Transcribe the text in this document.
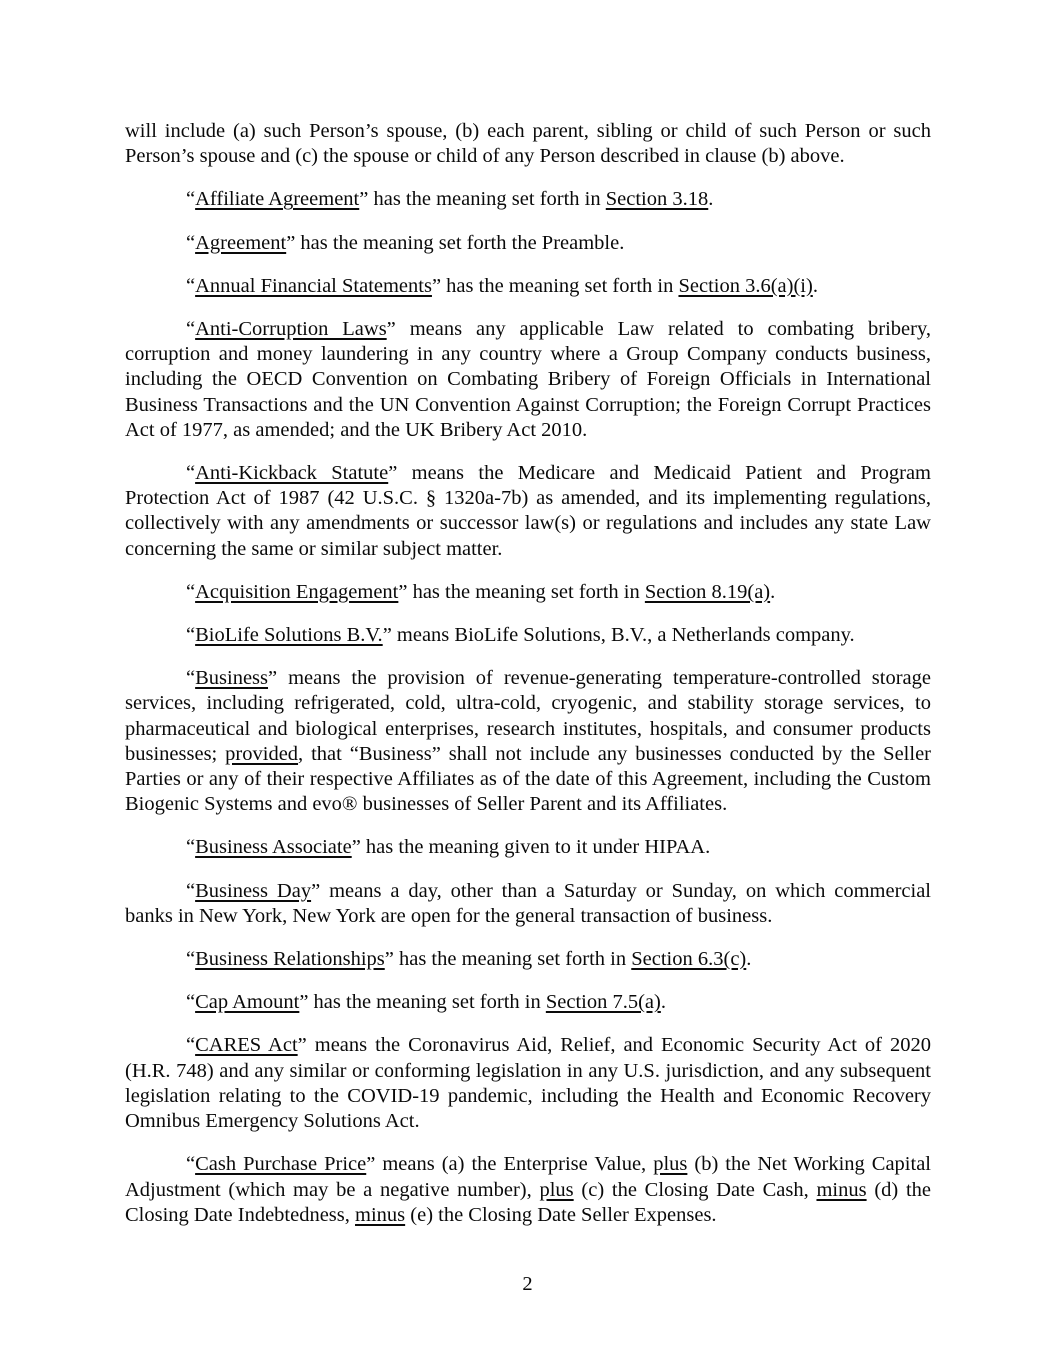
will include (a) such Person’s spouse, (b) each parent, sibling or child of such Person or such Person’s spouse and (c) the spouse or child of any Person described in clause (b) above.

“Affiliate Agreement” has the meaning set forth in Section 3.18.

“Agreement” has the meaning set forth the Preamble.

“Annual Financial Statements” has the meaning set forth in Section 3.6(a)(i).

“Anti-Corruption Laws” means any applicable Law related to combating bribery, corruption and money laundering in any country where a Group Company conducts business, including the OECD Convention on Combating Bribery of Foreign Officials in International Business Transactions and the UN Convention Against Corruption; the Foreign Corrupt Practices Act of 1977, as amended; and the UK Bribery Act 2010.

“Anti-Kickback Statute” means the Medicare and Medicaid Patient and Program Protection Act of 1987 (42 U.S.C. § 1320a-7b) as amended, and its implementing regulations, collectively with any amendments or successor law(s) or regulations and includes any state Law concerning the same or similar subject matter.

“Acquisition Engagement” has the meaning set forth in Section 8.19(a).

“BioLife Solutions B.V.” means BioLife Solutions, B.V., a Netherlands company.

“Business” means the provision of revenue-generating temperature-controlled storage services, including refrigerated, cold, ultra-cold, cryogenic, and stability storage services, to pharmaceutical and biological enterprises, research institutes, hospitals, and consumer products businesses; provided, that “Business” shall not include any businesses conducted by the Seller Parties or any of their respective Affiliates as of the date of this Agreement, including the Custom Biogenic Systems and evo® businesses of Seller Parent and its Affiliates.

“Business Associate” has the meaning given to it under HIPAA.

“Business Day” means a day, other than a Saturday or Sunday, on which commercial banks in New York, New York are open for the general transaction of business.

“Business Relationships” has the meaning set forth in Section 6.3(c).

“Cap Amount” has the meaning set forth in Section 7.5(a).

“CARES Act” means the Coronavirus Aid, Relief, and Economic Security Act of 2020 (H.R. 748) and any similar or conforming legislation in any U.S. jurisdiction, and any subsequent legislation relating to the COVID-19 pandemic, including the Health and Economic Recovery Omnibus Emergency Solutions Act.

“Cash Purchase Price” means (a) the Enterprise Value, plus (b) the Net Working Capital Adjustment (which may be a negative number), plus (c) the Closing Date Cash, minus (d) the Closing Date Indebtedness, minus (e) the Closing Date Seller Expenses.

2
